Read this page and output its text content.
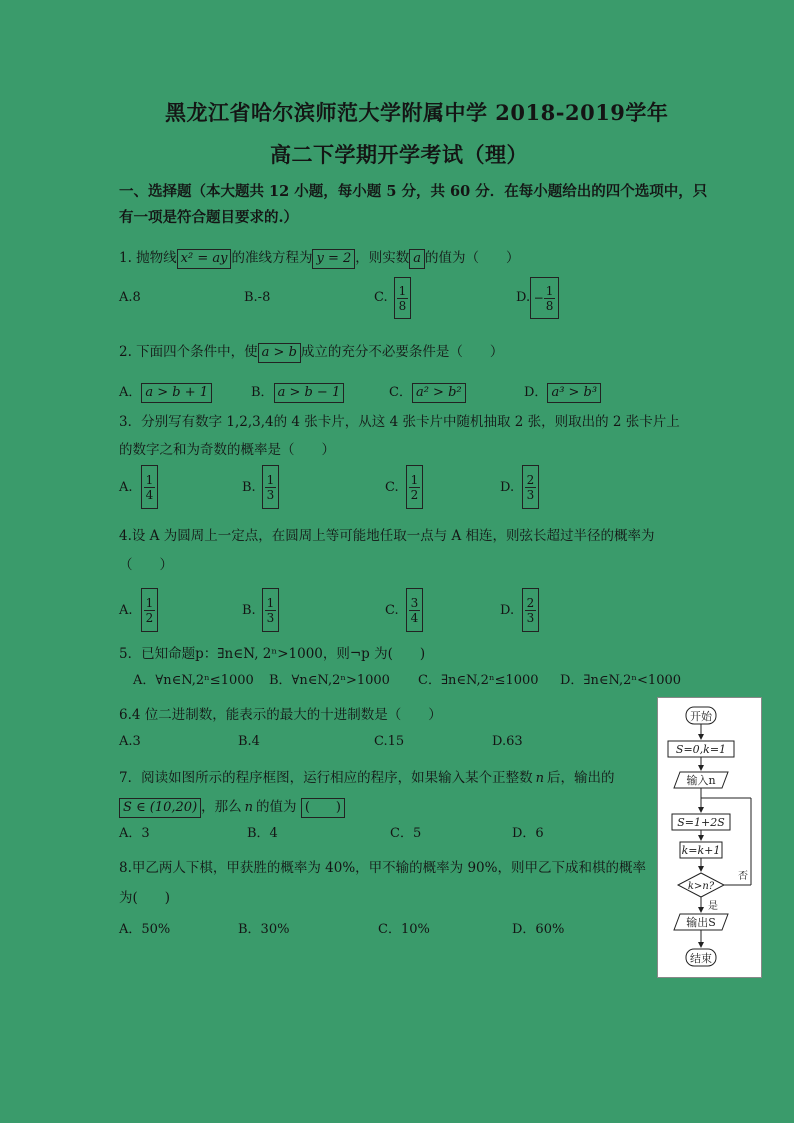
黑龙江省哈尔滨师范大学附属中学 2018-2019学年
高二下学期开学考试（理）
一、选择题（本大题共 12 小题，每小题 5 分，共 60 分．在每小题给出的四个选项中，只
有一项是符合题目要求的.）
1. 抛物线 x² = ay 的准线方程为 y = 2 ，则实数 a 的值为（　　）
A.8	B.-8	C. $\frac{1}{8}$	D. − $\frac{1}{8}$
2. 下面四个条件中，使 a > b 成立的充分不必要条件是（　　）
A． a > b + 1	B． a > b − 1	C． a² > b²	D． a³ > b³
3．分别写有数字 1,2,3,4的 4 张卡片，从这 4 张卡片中随机抽取 2 张，则取出的 2 张卡片上
的数字之和为奇数的概率是（　　）
A. $\frac{1}{4}$	B. $\frac{1}{3}$	C. $\frac{1}{2}$	D. $\frac{2}{3}$
4.设 A 为圆周上一定点，在圆周上等可能地任取一点与 A 相连，则弦长超过半径的概率为
（　　）
A. $\frac{1}{2}$	B. $\frac{1}{3}$	C. $\frac{3}{4}$	D. $\frac{2}{3}$
5．已知命题p：∃n∈N, 2ⁿ>1000，则¬p 为(　　)
A．∀n∈N,2ⁿ≤1000 B．∀n∈N,2ⁿ>1000 C．∃n∈N,2ⁿ≤1000 D．∃n∈N,2ⁿ<1000
6.4 位二进制数，能表示的最大的十进制数是（　　）
A.3	B.4	C.15	D.63
7．阅读如图所示的程序框图，运行相应的程序，如果输入某个正整数 n 后，输出的
S ∈ (10,20) ，那么 n 的值为 (　　)
A．3	B．4	C．5	D．6
8.甲乙两人下棋，甲获胜的概率为 40%，甲不输的概率为 90%，则甲乙下成和棋的概率
为(　　)
A．50%	B．30%	C．10%	D．60%
开始
S=0,k=1
输入n
S=1+2S
k=k+1
k>n?
否
是
输出S
结束
